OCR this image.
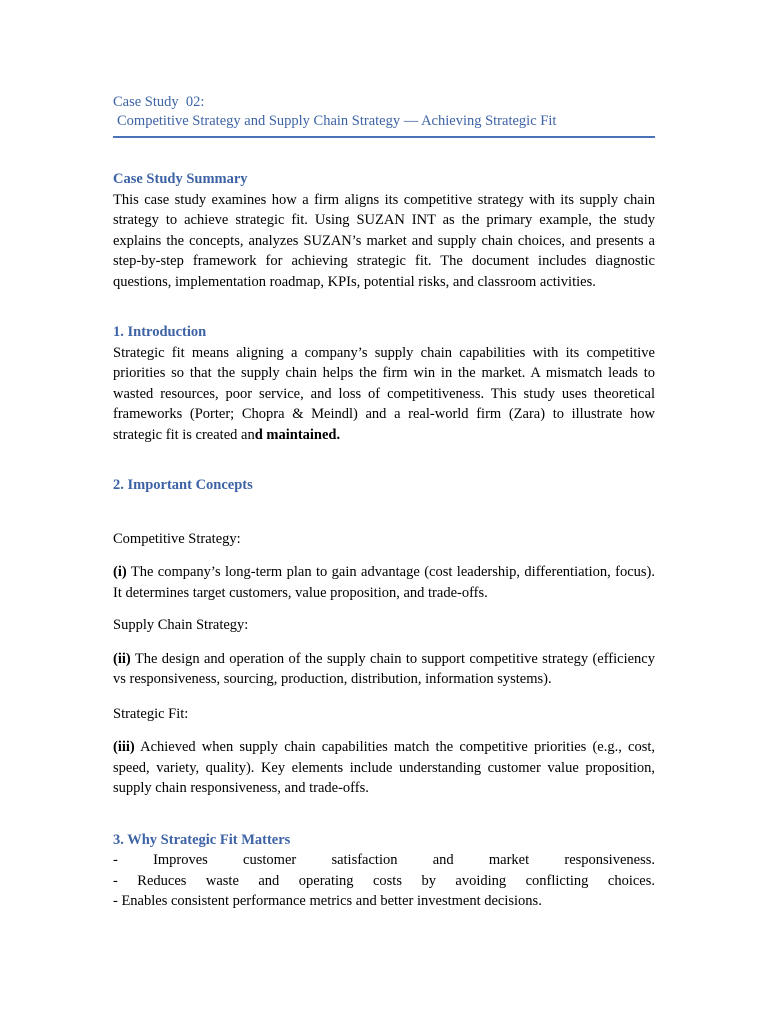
Case Study  02:
Competitive Strategy and Supply Chain Strategy — Achieving Strategic Fit
Case Study Summary

This case study examines how a firm aligns its competitive strategy with its supply chain strategy to achieve strategic fit. Using SUZAN INT as the primary example, the study explains the concepts, analyzes SUZAN’s market and supply chain choices, and presents a step-by-step framework for achieving strategic fit. The document includes diagnostic questions, implementation roadmap, KPIs, potential risks, and classroom activities.

1. Introduction

Strategic fit means aligning a company’s supply chain capabilities with its competitive priorities so that the supply chain helps the firm win in the market. A mismatch leads to wasted resources, poor service, and loss of competitiveness. This study uses theoretical frameworks (Porter; Chopra & Meindl) and a real-world firm (Zara) to illustrate how strategic fit is created and maintained.

2. Important Concepts

Competitive Strategy:

(i) The company’s long-term plan to gain advantage (cost leadership, differentiation, focus). It determines target customers, value proposition, and trade-offs.

Supply Chain Strategy:

(ii) The design and operation of the supply chain to support competitive strategy (efficiency vs responsiveness, sourcing, production, distribution, information systems).

Strategic Fit:

(iii) Achieved when supply chain capabilities match the competitive priorities (e.g., cost, speed, variety, quality). Key elements include understanding customer value proposition, supply chain responsiveness, and trade-offs.

3. Why Strategic Fit Matters

- Improves customer satisfaction and market responsiveness.

- Reduces waste and operating costs by avoiding conflicting choices.

- Enables consistent performance metrics and better investment decisions.
